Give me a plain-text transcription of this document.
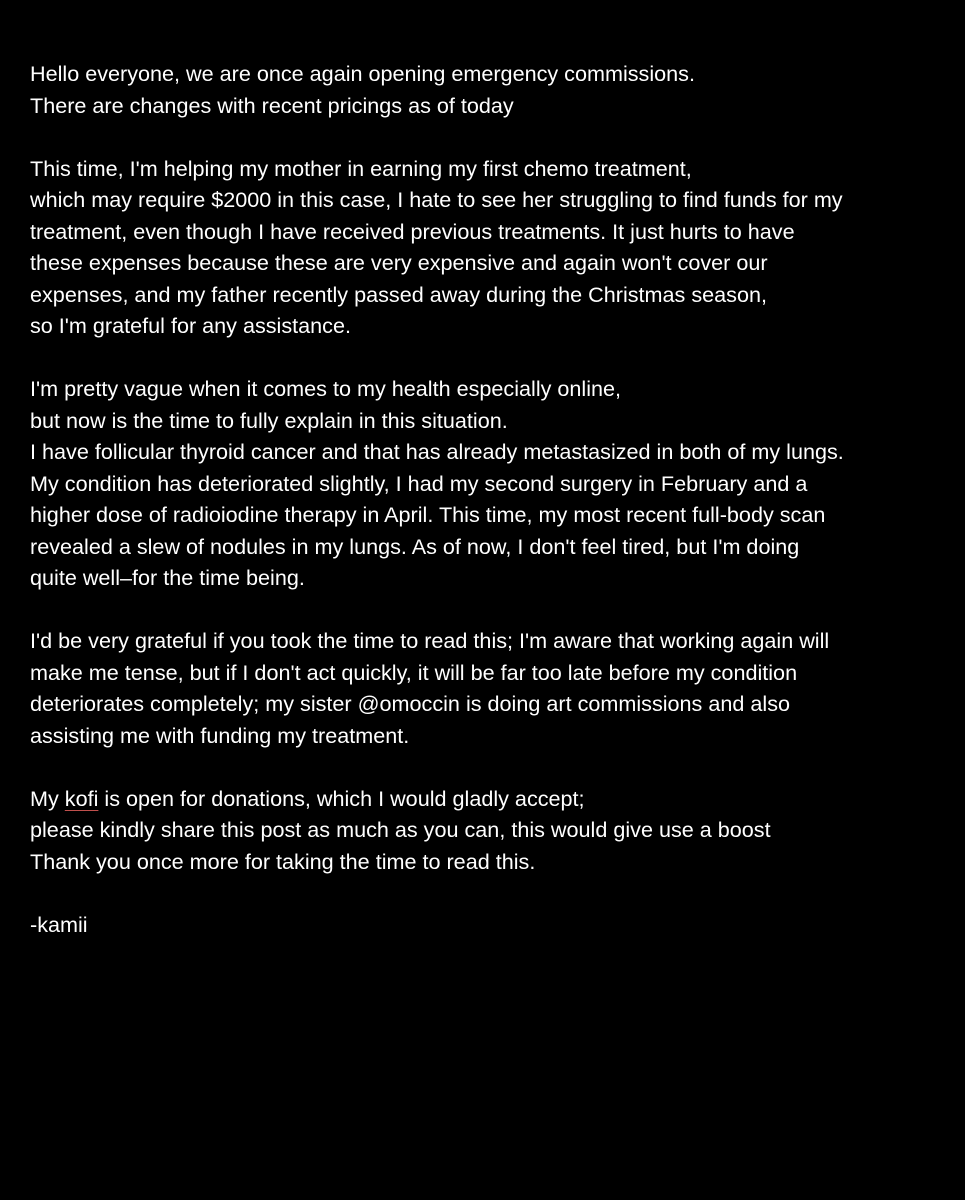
Hello everyone, we are once again opening emergency commissions.
There are changes with recent pricings as of today
This time, I'm helping my mother in earning my first chemo treatment,
which may require $2000 in this case, I hate to see her struggling to find funds for my
treatment, even though I have received previous treatments. It just hurts to have
these expenses because these are very expensive and again won't cover our
expenses, and my father recently passed away during the Christmas season,
so I'm grateful for any assistance.
I'm pretty vague when it comes to my health especially online,
but now is the time to fully explain in this situation.
I have follicular thyroid cancer and that has already metastasized in both of my lungs.
My condition has deteriorated slightly, I had my second surgery in February and a
higher dose of radioiodine therapy in April. This time, my most recent full-body scan
revealed a slew of nodules in my lungs. As of now, I don't feel tired, but I'm doing
quite well–for the time being.
I'd be very grateful if you took the time to read this; I'm aware that working again will
make me tense, but if I don't act quickly, it will be far too late before my condition
deteriorates completely; my sister @omoccin is doing art commissions and also
assisting me with funding my treatment.
My kofi is open for donations, which I would gladly accept;
please kindly share this post as much as you can, this would give use a boost
Thank you once more for taking the time to read this.
-kamii
